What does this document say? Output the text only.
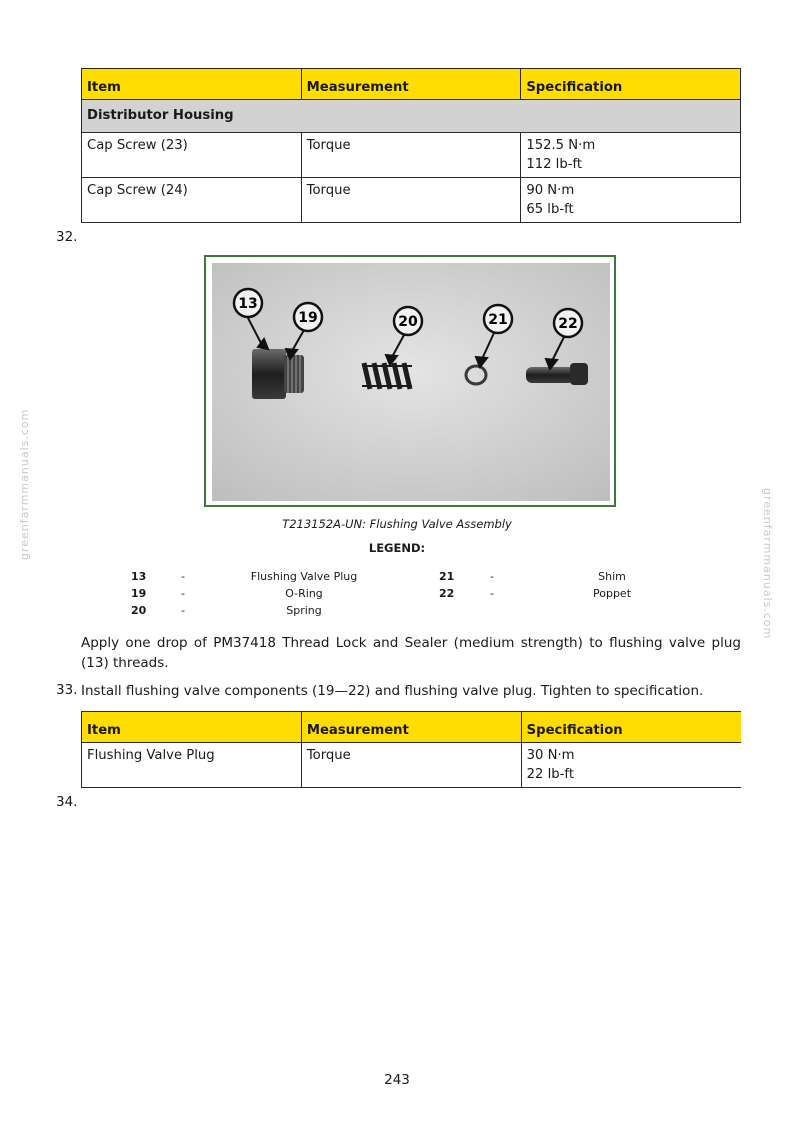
Item	Measurement	Specification
Distributor Housing		
Cap Screw (23)	Torque	152.5 N·m
112 lb-ft
Cap Screw (24)	Torque	90 N·m
65 lb-ft
32.
13
19	20	21	22
T213152A-UN: Flushing Valve Assembly
LEGEND:
13	-	Flushing Valve Plug
19	-	O-Ring
20	-	Spring
21	-	Shim
22	-	Poppet
Apply one drop of PM37418 Thread Lock and Sealer (medium strength) to flushing valve plug (13) threads.
33. Install flushing valve components (19—22) and flushing valve plug. Tighten to specification.
Item	Measurement	Specification
Flushing Valve Plug	Torque	30 N·m
22 lb-ft
34.
greenfarmmanuals.com
greenfarmmanuals.com
243
